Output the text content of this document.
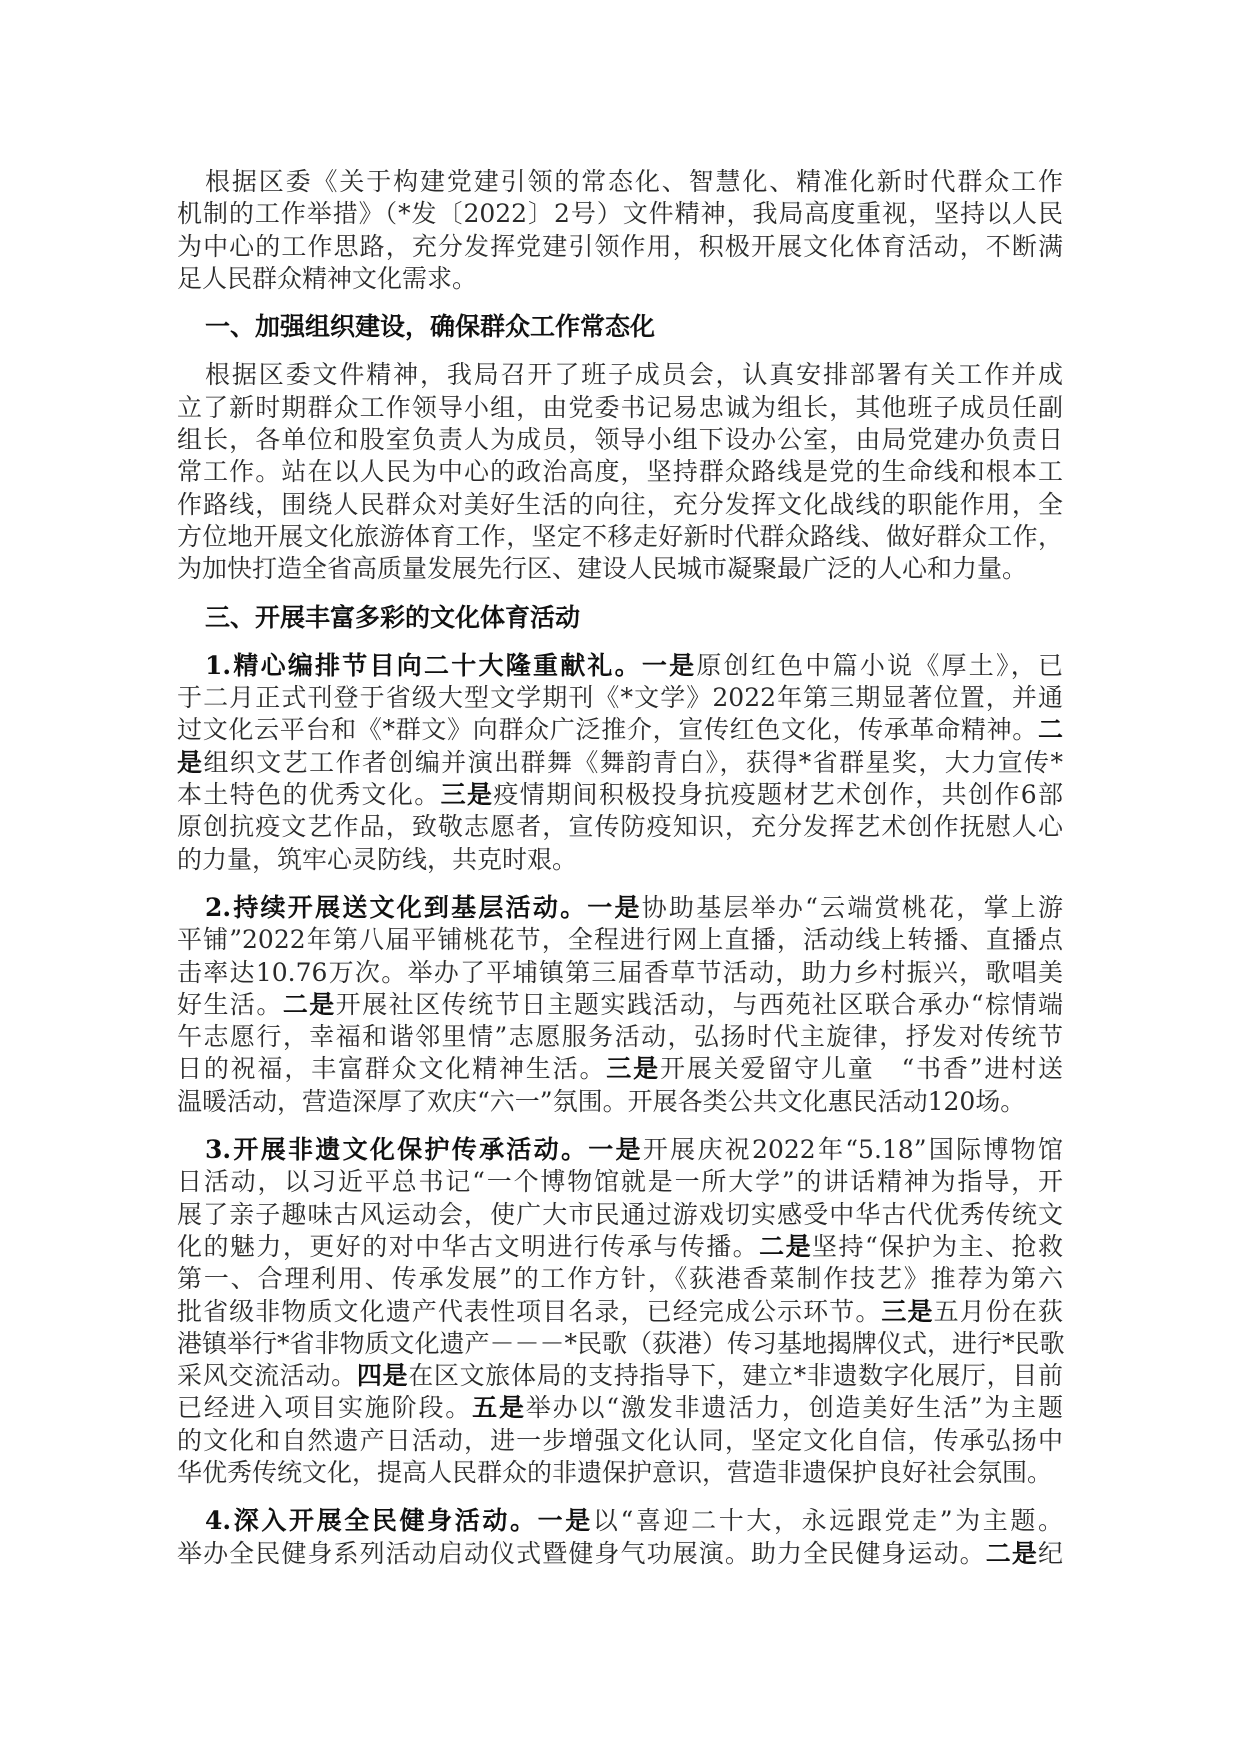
根据区委《关于构建党建引领的常态化、智慧化、精准化新时代群众工作
机制的工作举措》（*发〔2022〕2号）文件精神，我局高度重视，坚持以人民
为中心的工作思路，充分发挥党建引领作用，积极开展文化体育活动，不断满
足人民群众精神文化需求。
一、加强组织建设，确保群众工作常态化
根据区委文件精神，我局召开了班子成员会，认真安排部署有关工作并成
立了新时期群众工作领导小组，由党委书记易忠诚为组长，其他班子成员任副
组长，各单位和股室负责人为成员，领导小组下设办公室，由局党建办负责日
常工作。站在以人民为中心的政治高度，坚持群众路线是党的生命线和根本工
作路线，围绕人民群众对美好生活的向往，充分发挥文化战线的职能作用，全
方位地开展文化旅游体育工作，坚定不移走好新时代群众路线、做好群众工作，
为加快打造全省高质量发展先行区、建设人民城市凝聚最广泛的人心和力量。
三、开展丰富多彩的文化体育活动
1.精心编排节目向二十大隆重献礼。一是原创红色中篇小说《厚土》，已
于二月正式刊登于省级大型文学期刊《*文学》2022年第三期显著位置，并通
过文化云平台和《*群文》向群众广泛推介，宣传红色文化，传承革命精神。二
是组织文艺工作者创编并演出群舞《舞韵青白》，获得*省群星奖，大力宣传*
本土特色的优秀文化。三是疫情期间积极投身抗疫题材艺术创作，共创作6部
原创抗疫文艺作品，致敬志愿者，宣传防疫知识，充分发挥艺术创作抚慰人心
的力量，筑牢心灵防线，共克时艰。
2.持续开展送文化到基层活动。一是协助基层举办“云端赏桃花，掌上游
平铺”2022年第八届平铺桃花节，全程进行网上直播，活动线上转播、直播点
击率达10.76万次。举办了平埔镇第三届香草节活动，助力乡村振兴，歌唱美
好生活。二是开展社区传统节日主题实践活动，与西苑社区联合承办“棕情端
午志愿行，幸福和谐邻里情”志愿服务活动，弘扬时代主旋律，抒发对传统节
日的祝福，丰富群众文化精神生活。三是开展关爱留守儿童　“书香”进村送
温暖活动，营造深厚了欢庆“六一”氛围。开展各类公共文化惠民活动120场。
3.开展非遗文化保护传承活动。一是开展庆祝2022年“5.18”国际博物馆
日活动，以习近平总书记“一个博物馆就是一所大学”的讲话精神为指导，开
展了亲子趣味古风运动会，使广大市民通过游戏切实感受中华古代优秀传统文
化的魅力，更好的对中华古文明进行传承与传播。二是坚持“保护为主、抢救
第一、合理利用、传承发展”的工作方针，《荻港香菜制作技艺》推荐为第六
批省级非物质文化遗产代表性项目名录，已经完成公示环节。三是五月份在荻
港镇举行*省非物质文化遗产－－－*民歌（荻港）传习基地揭牌仪式，进行*民歌
采风交流活动。四是在区文旅体局的支持指导下，建立*非遗数字化展厅，目前
已经进入项目实施阶段。五是举办以“激发非遗活力，创造美好生活”为主题
的文化和自然遗产日活动，进一步增强文化认同，坚定文化自信，传承弘扬中
华优秀传统文化，提高人民群众的非遗保护意识，营造非遗保护良好社会氛围。
4.深入开展全民健身活动。一是以“喜迎二十大，永远跟党走”为主题。
举办全民健身系列活动启动仪式暨健身气功展演。助力全民健身运动。二是纪
